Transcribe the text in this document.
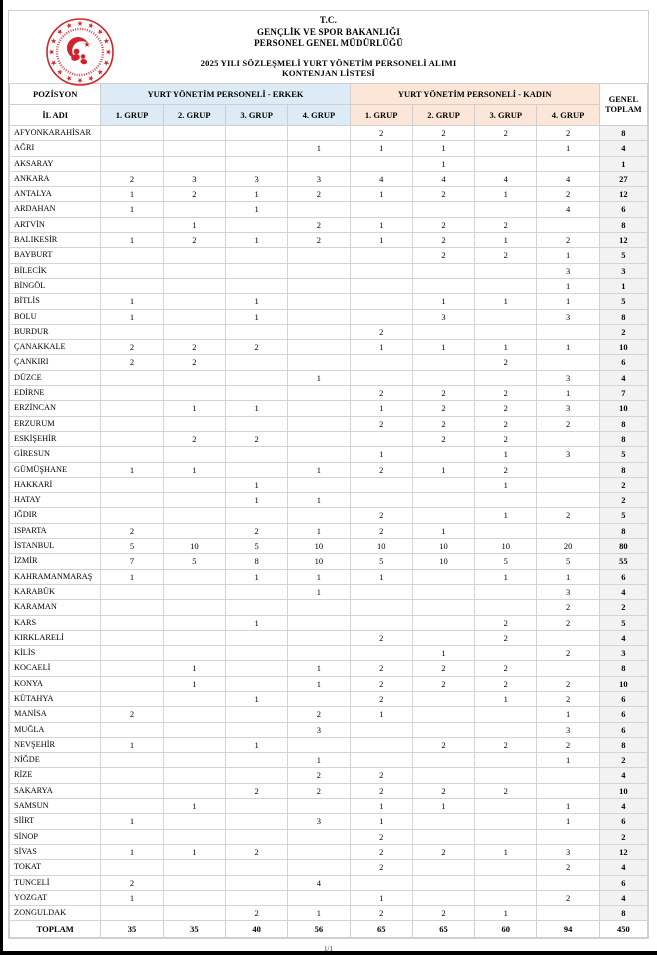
T.C.
GENÇLİK VE SPOR BAKANLIĞI
PERSONEL GENEL MÜDÜRLÜĞÜ
2025 YILI SÖZLEŞMELİ YURT YÖNETİM PERSONELİ ALIMI
KONTENJAN LİSTESİ
POZİSYON	YURT YÖNETİM PERSONELİ - ERKEK				YURT YÖNETİM PERSONELİ - KADIN				GENEL TOPLAM
İL ADI	1. GRUP	2. GRUP	3. GRUP	4. GRUP	1. GRUP	2. GRUP	3. GRUP	4. GRUP	
AFYONKARAHİSAR					2	2	2	2	8
AĞRI				1	1	1		1	4
AKSARAY						1			1
ANKARA	2	3	3	3	4	4	4	4	27
ANTALYA	1	2	1	2	1	2	1	2	12
ARDAHAN	1		1					4	6
ARTVİN		1		2	1	2	2		8
BALIKESİR	1	2	1	2	1	2	1	2	12
BAYBURT						2	2	1	5
BİLECİK								3	3
BİNGÖL								1	1
BİTLİS	1		1			1	1	1	5
BOLU	1		1			3		3	8
BURDUR					2				2
ÇANAKKALE	2	2	2		1	1	1	1	10
ÇANKIRI	2	2					2		6
DÜZCE				1				3	4
EDİRNE					2	2	2	1	7
ERZİNCAN		1	1		1	2	2	3	10
ERZURUM					2	2	2	2	8
ESKİŞEHİR		2	2			2	2		8
GİRESUN					1		1	3	5
GÜMÜŞHANE	1	1		1	2	1	2		8
HAKKARİ			1				1		2
HATAY			1	1					2
IĞDIR					2		1	2	5
ISPARTA	2		2	1	2	1			8
İSTANBUL	5	10	5	10	10	10	10	20	80
İZMİR	7	5	8	10	5	10	5	5	55
KAHRAMANMARAŞ	1		1	1	1		1	1	6
KARABÜK				1				3	4
KARAMAN								2	2
KARS			1				2	2	5
KIRKLARELİ					2		2		4
KİLİS						1		2	3
KOCAELİ		1		1	2	2	2		8
KONYA		1		1	2	2	2	2	10
KÜTAHYA			1		2		1	2	6
MANİSA	2			2	1			1	6
MUĞLA				3				3	6
NEVŞEHİR	1		1			2	2	2	8
NİĞDE				1				1	2
RİZE				2	2				4
SAKARYA			2	2	2	2	2		10
SAMSUN		1			1	1		1	4
SİİRT	1			3	1			1	6
SİNOP					2				2
SİVAS	1	1	2		2	2	1	3	12
TOKAT					2			2	4
TUNCELİ	2			4					6
YOZGAT	1				1			2	4
ZONGULDAK			2	1	2	2	1		8
TOPLAM	35	35	40	56	65	65	60	94	450
1/1
